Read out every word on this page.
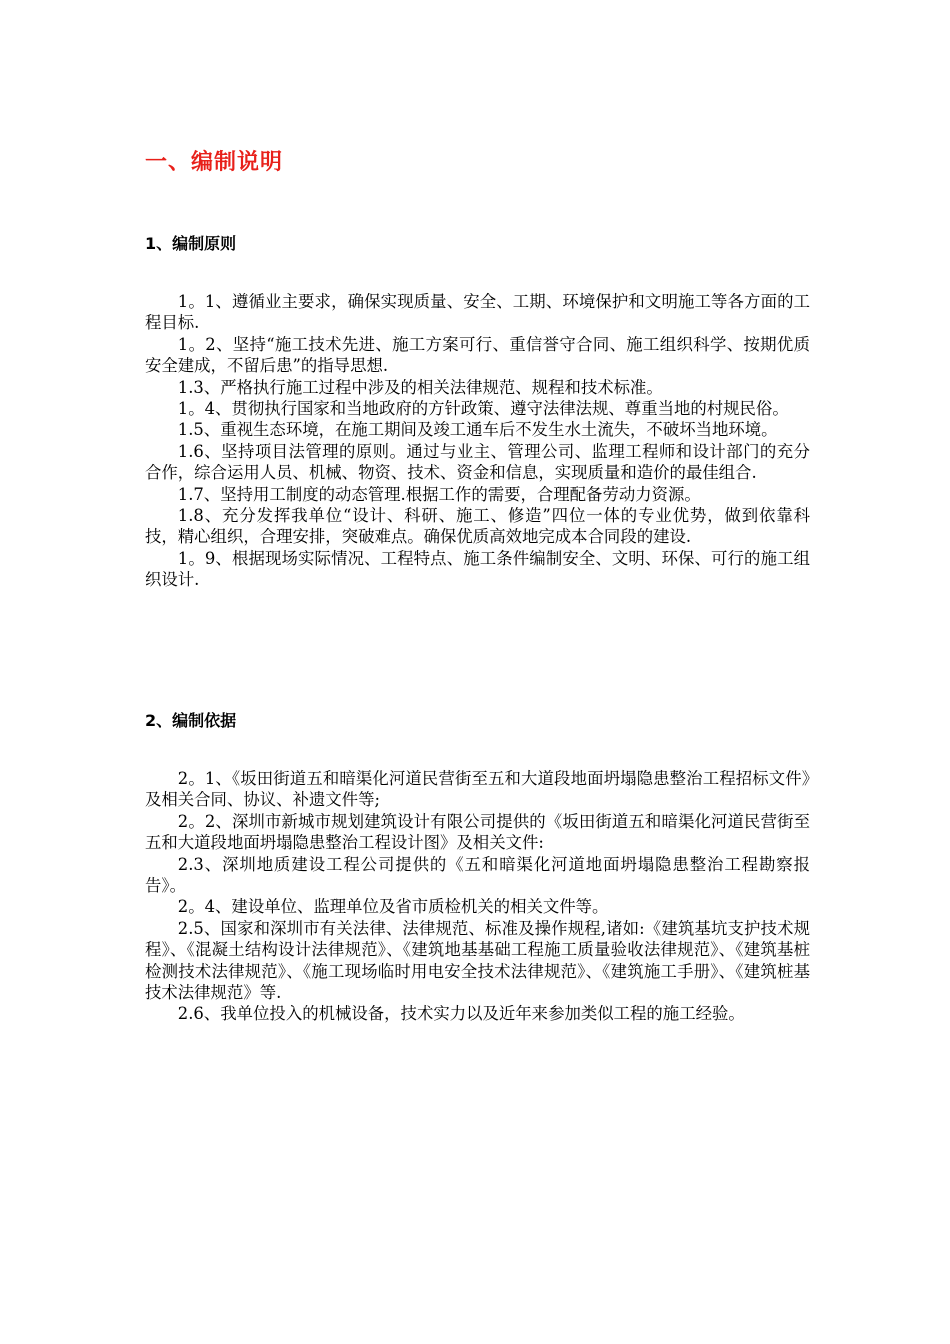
一、编制说明
1、编制原则

1。1、遵循业主要求，确保实现质量、安全、工期、环境保护和文明施工等各方面的工程目标.

1。2、坚持“施工技术先进、施工方案可行、重信誉守合同、施工组织科学、按期优质安全建成，不留后患”的指导思想.

1.3、严格执行施工过程中涉及的相关法律规范、规程和技术标准。

1。4、贯彻执行国家和当地政府的方针政策、遵守法律法规、尊重当地的村规民俗。

1.5、重视生态环境，在施工期间及竣工通车后不发生水土流失，不破坏当地环境。

1.6、坚持项目法管理的原则。通过与业主、管理公司、监理工程师和设计部门的充分合作，综合运用人员、机械、物资、技术、资金和信息，实现质量和造价的最佳组合.

1.7、坚持用工制度的动态管理.根据工作的需要，合理配备劳动力资源。

1.8、充分发挥我单位“设计、科研、施工、修造”四位一体的专业优势，做到依靠科技，精心组织，合理安排，突破难点。确保优质高效地完成本合同段的建设.

1。9、根据现场实际情况、工程特点、施工条件编制安全、文明、环保、可行的施工组织设计.

2、编制依据

2。1、《坂田街道五和暗渠化河道民营街至五和大道段地面坍塌隐患整治工程招标文件》及相关合同、协议、补遗文件等;

2。2、深圳市新城市规划建筑设计有限公司提供的《坂田街道五和暗渠化河道民营街至五和大道段地面坍塌隐患整治工程设计图》及相关文件:

2.3、深圳地质建设工程公司提供的《五和暗渠化河道地面坍塌隐患整治工程勘察报告》。

2。4、建设单位、监理单位及省市质检机关的相关文件等。

2.5、国家和深圳市有关法律、法律规范、标准及操作规程,诸如:《建筑基坑支护技术规程》、《混凝土结构设计法律规范》、《建筑地基基础工程施工质量验收法律规范》、《建筑基桩检测技术法律规范》、《施工现场临时用电安全技术法律规范》、《建筑施工手册》、《建筑桩基技术法律规范》等.

2.6、我单位投入的机械设备，技术实力以及近年来参加类似工程的施工经验。
